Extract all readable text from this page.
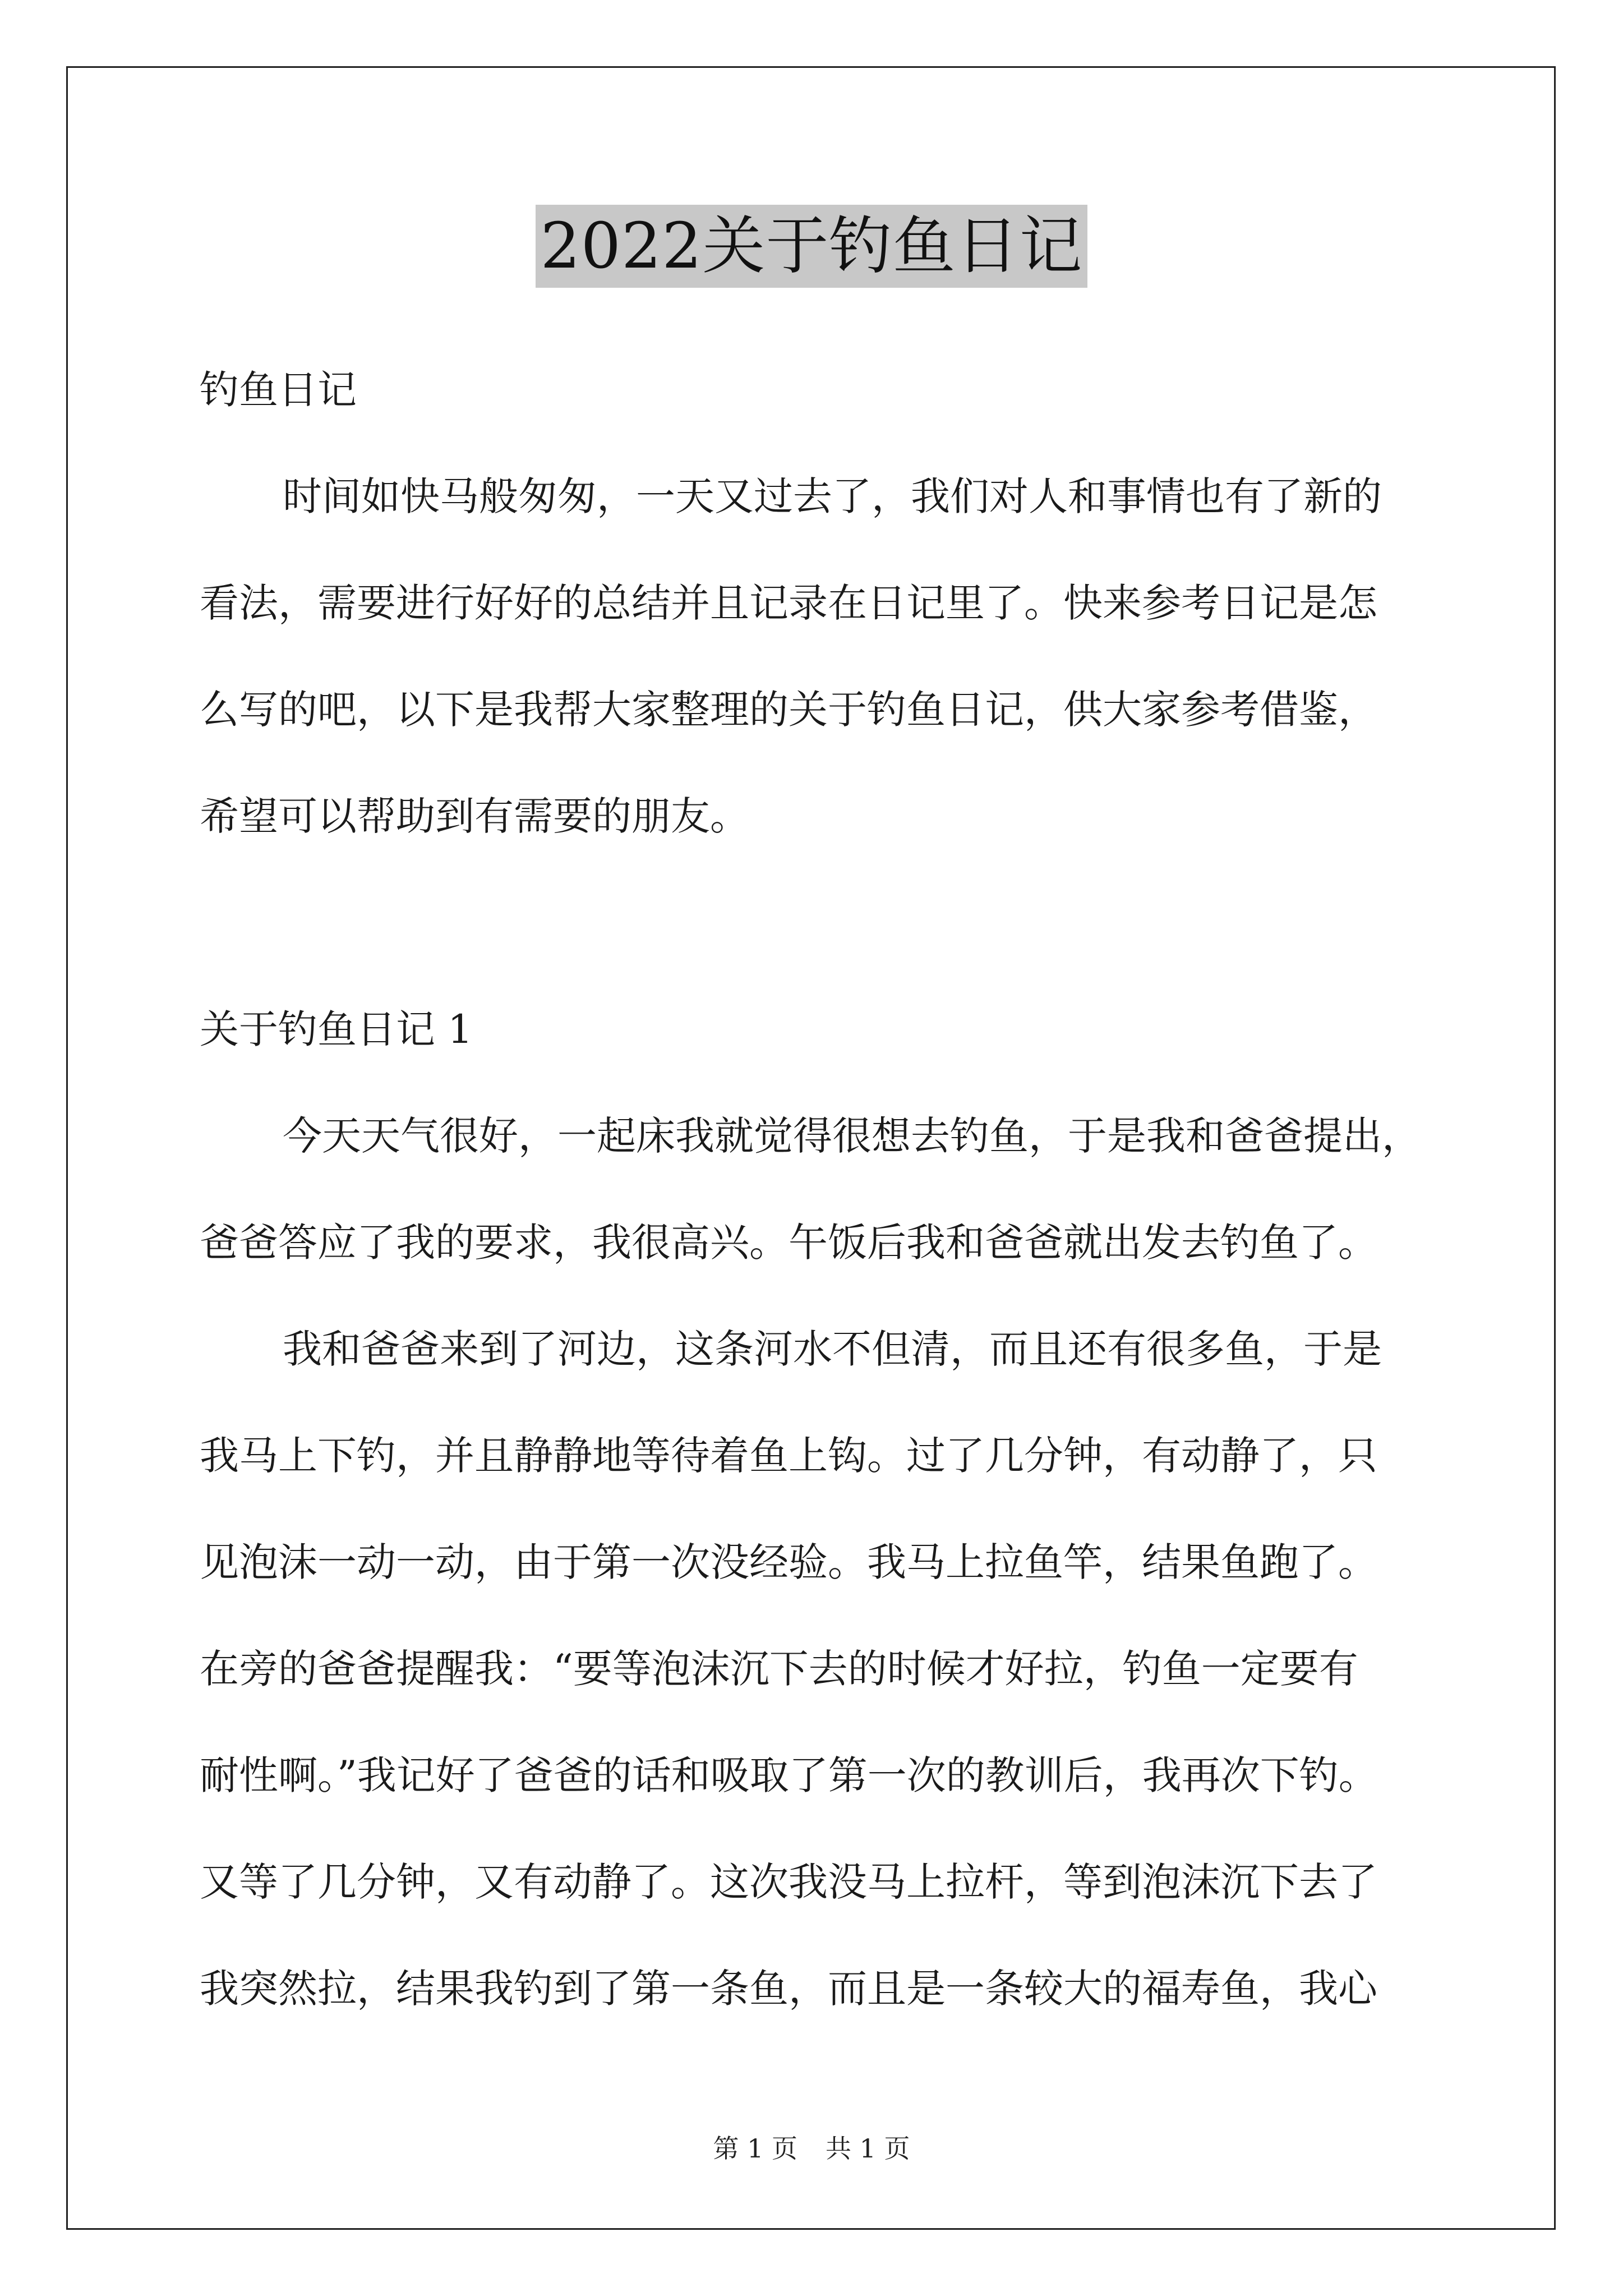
2022关于钓鱼日记
钓鱼日记
时间如快马般匆匆，一天又过去了，我们对人和事情也有了新的
看法，需要进行好好的总结并且记录在日记里了。快来参考日记是怎
么写的吧，以下是我帮大家整理的关于钓鱼日记，供大家参考借鉴，
希望可以帮助到有需要的朋友。
关于钓鱼日记 1
今天天气很好，一起床我就觉得很想去钓鱼，于是我和爸爸提出，
爸爸答应了我的要求，我很高兴。午饭后我和爸爸就出发去钓鱼了。
我和爸爸来到了河边，这条河水不但清，而且还有很多鱼，于是
我马上下钓，并且静静地等待着鱼上钩。过了几分钟，有动静了，只
见泡沫一动一动，由于第一次没经验。我马上拉鱼竿，结果鱼跑了。
在旁的爸爸提醒我：“要等泡沫沉下去的时候才好拉，钓鱼一定要有
耐性啊。”我记好了爸爸的话和吸取了第一次的教训后，我再次下钓。
又等了几分钟，又有动静了。这次我没马上拉杆，等到泡沫沉下去了
我突然拉，结果我钓到了第一条鱼，而且是一条较大的福寿鱼，我心
第 1 页 共 1 页
